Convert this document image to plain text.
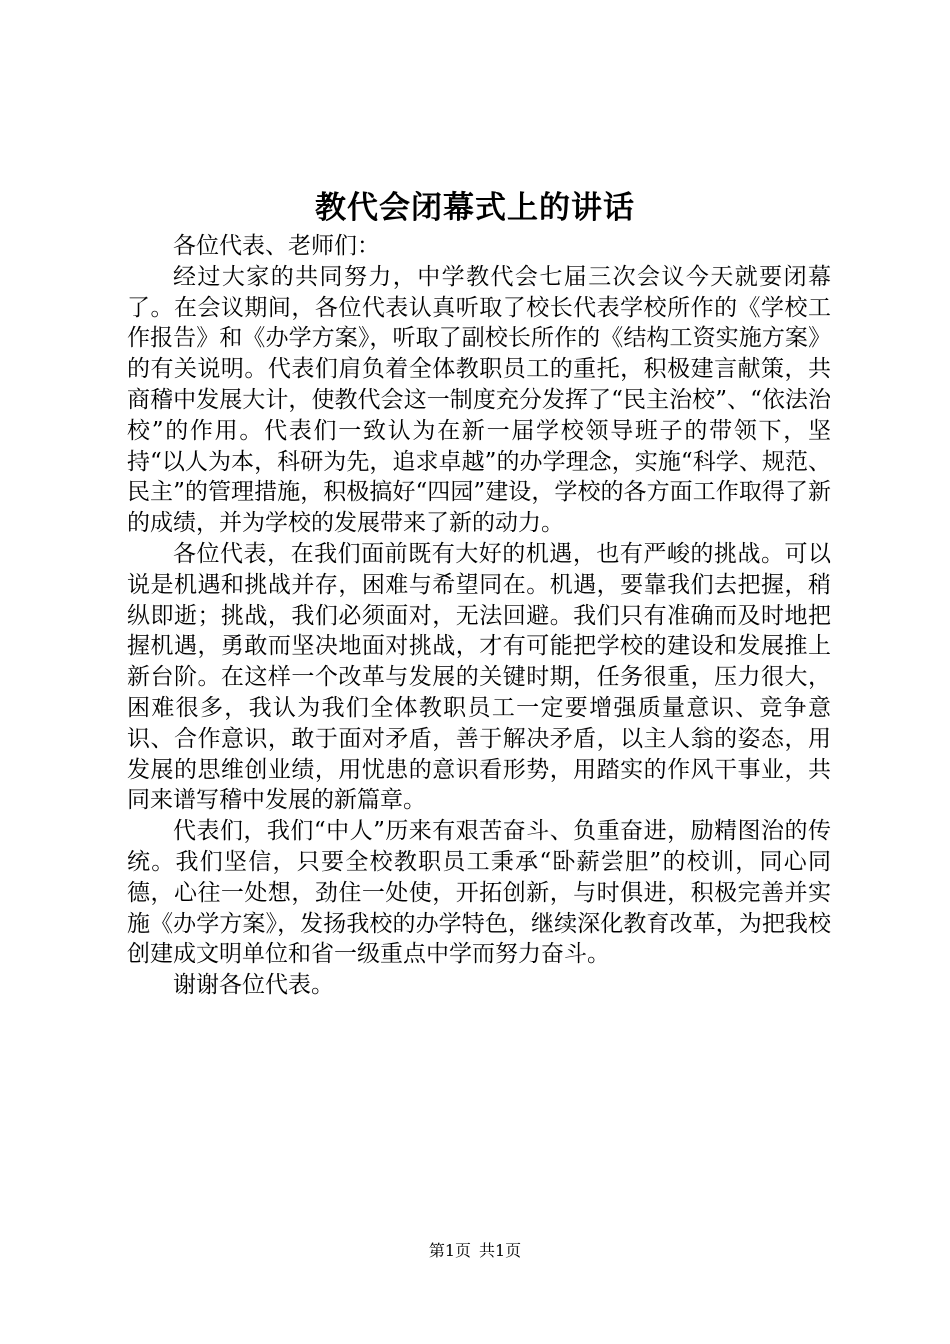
教代会闭幕式上的讲话

各位代表、老师们：

经过大家的共同努力，中学教代会七届三次会议今天就要闭幕了。在会议期间，各位代表认真听取了校长代表学校所作的《学校工作报告》和《办学方案》，听取了副校长所作的《结构工资实施方案》的有关说明。代表们肩负着全体教职员工的重托，积极建言献策，共商稽中发展大计，使教代会这一制度充分发挥了“民主治校”、“依法治校”的作用。代表们一致认为在新一届学校领导班子的带领下，坚持“以人为本，科研为先，追求卓越”的办学理念，实施“科学、规范、民主”的管理措施，积极搞好“四园”建设，学校的各方面工作取得了新的成绩，并为学校的发展带来了新的动力。

各位代表，在我们面前既有大好的机遇，也有严峻的挑战。可以说是机遇和挑战并存，困难与希望同在。机遇，要靠我们去把握，稍纵即逝；挑战，我们必须面对，无法回避。我们只有准确而及时地把握机遇，勇敢而坚决地面对挑战，才有可能把学校的建设和发展推上新台阶。在这样一个改革与发展的关键时期，任务很重，压力很大，困难很多，我认为我们全体教职员工一定要增强质量意识、竞争意识、合作意识，敢于面对矛盾，善于解决矛盾，以主人翁的姿态，用发展的思维创业绩，用忧患的意识看形势，用踏实的作风干事业，共同来谱写稽中发展的新篇章。

代表们，我们“中人”历来有艰苦奋斗、负重奋进，励精图治的传统。我们坚信，只要全校教职员工秉承“卧薪尝胆”的校训，同心同德，心往一处想，劲住一处使，开拓创新，与时俱进，积极完善并实施《办学方案》，发扬我校的办学特色，继续深化教育改革，为把我校创建成文明单位和省一级重点中学而努力奋斗。

谢谢各位代表。

第1页 共1页
